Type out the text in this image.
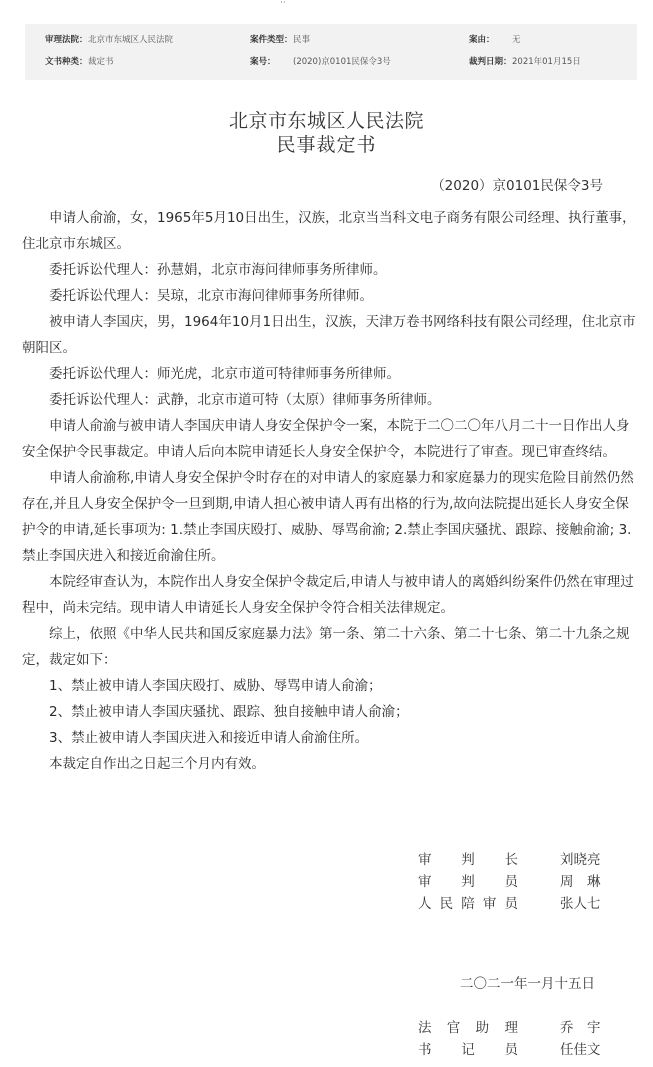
··
审理法院： 北京市东城区人民法院	案件类型： 民事	案由： 无
文书种类： 裁定书	案号： (2020)京0101民保令3号	裁判日期： 2021年01月15日
北京市东城区人民法院
民事裁定书
（2020）京0101民保令3号

申请人俞渝，女，1965年5月10日出生，汉族，北京当当科文电子商务有限公司经理、执行董事，住北京市东城区。

委托诉讼代理人：孙慧娟，北京市海问律师事务所律师。

委托诉讼代理人：吴琼，北京市海问律师事务所律师。

被申请人李国庆，男，1964年10月1日出生，汉族，天津万卷书网络科技有限公司经理，住北京市朝阳区。

委托诉讼代理人：师光虎，北京市道可特律师事务所律师。

委托诉讼代理人：武静，北京市道可特（太原）律师事务所律师。

申请人俞渝与被申请人李国庆申请人身安全保护令一案，本院于二〇二〇年八月二十一日作出人身安全保护令民事裁定。申请人后向本院申请延长人身安全保护令，本院进行了审查。现已审查终结。

申请人俞渝称,申请人身安全保护令时存在的对申请人的家庭暴力和家庭暴力的现实危险目前然仍然存在,并且人身安全保护令一旦到期,申请人担心被申请人再有出格的行为,故向法院提出延长人身安全保护令的申请,延长事项为: 1.禁止李国庆殴打、威胁、辱骂俞渝; 2.禁止李国庆骚扰、跟踪、接触俞渝; 3.禁止李国庆进入和接近俞渝住所。

本院经审查认为，本院作出人身安全保护令裁定后,申请人与被申请人的离婚纠纷案件仍然在审理过程中，尚未完结。现申请人申请延长人身安全保护令符合相关法律规定。

综上，依照《中华人民共和国反家庭暴力法》第一条、第二十六条、第二十七条、第二十九条之规定，裁定如下：

1、禁止被申请人李国庆殴打、威胁、辱骂申请人俞渝；

2、禁止被申请人李国庆骚扰、跟踪、独自接触申请人俞渝；

3、禁止被申请人李国庆进入和接近申请人俞渝住所。

本裁定自作出之日起三个月内有效。

审判长	刘晓亮
审判员	周　琳
人民陪审员	张人七
二〇二一年一月十五日
法官助理	乔　宇
书记员	任佳文
